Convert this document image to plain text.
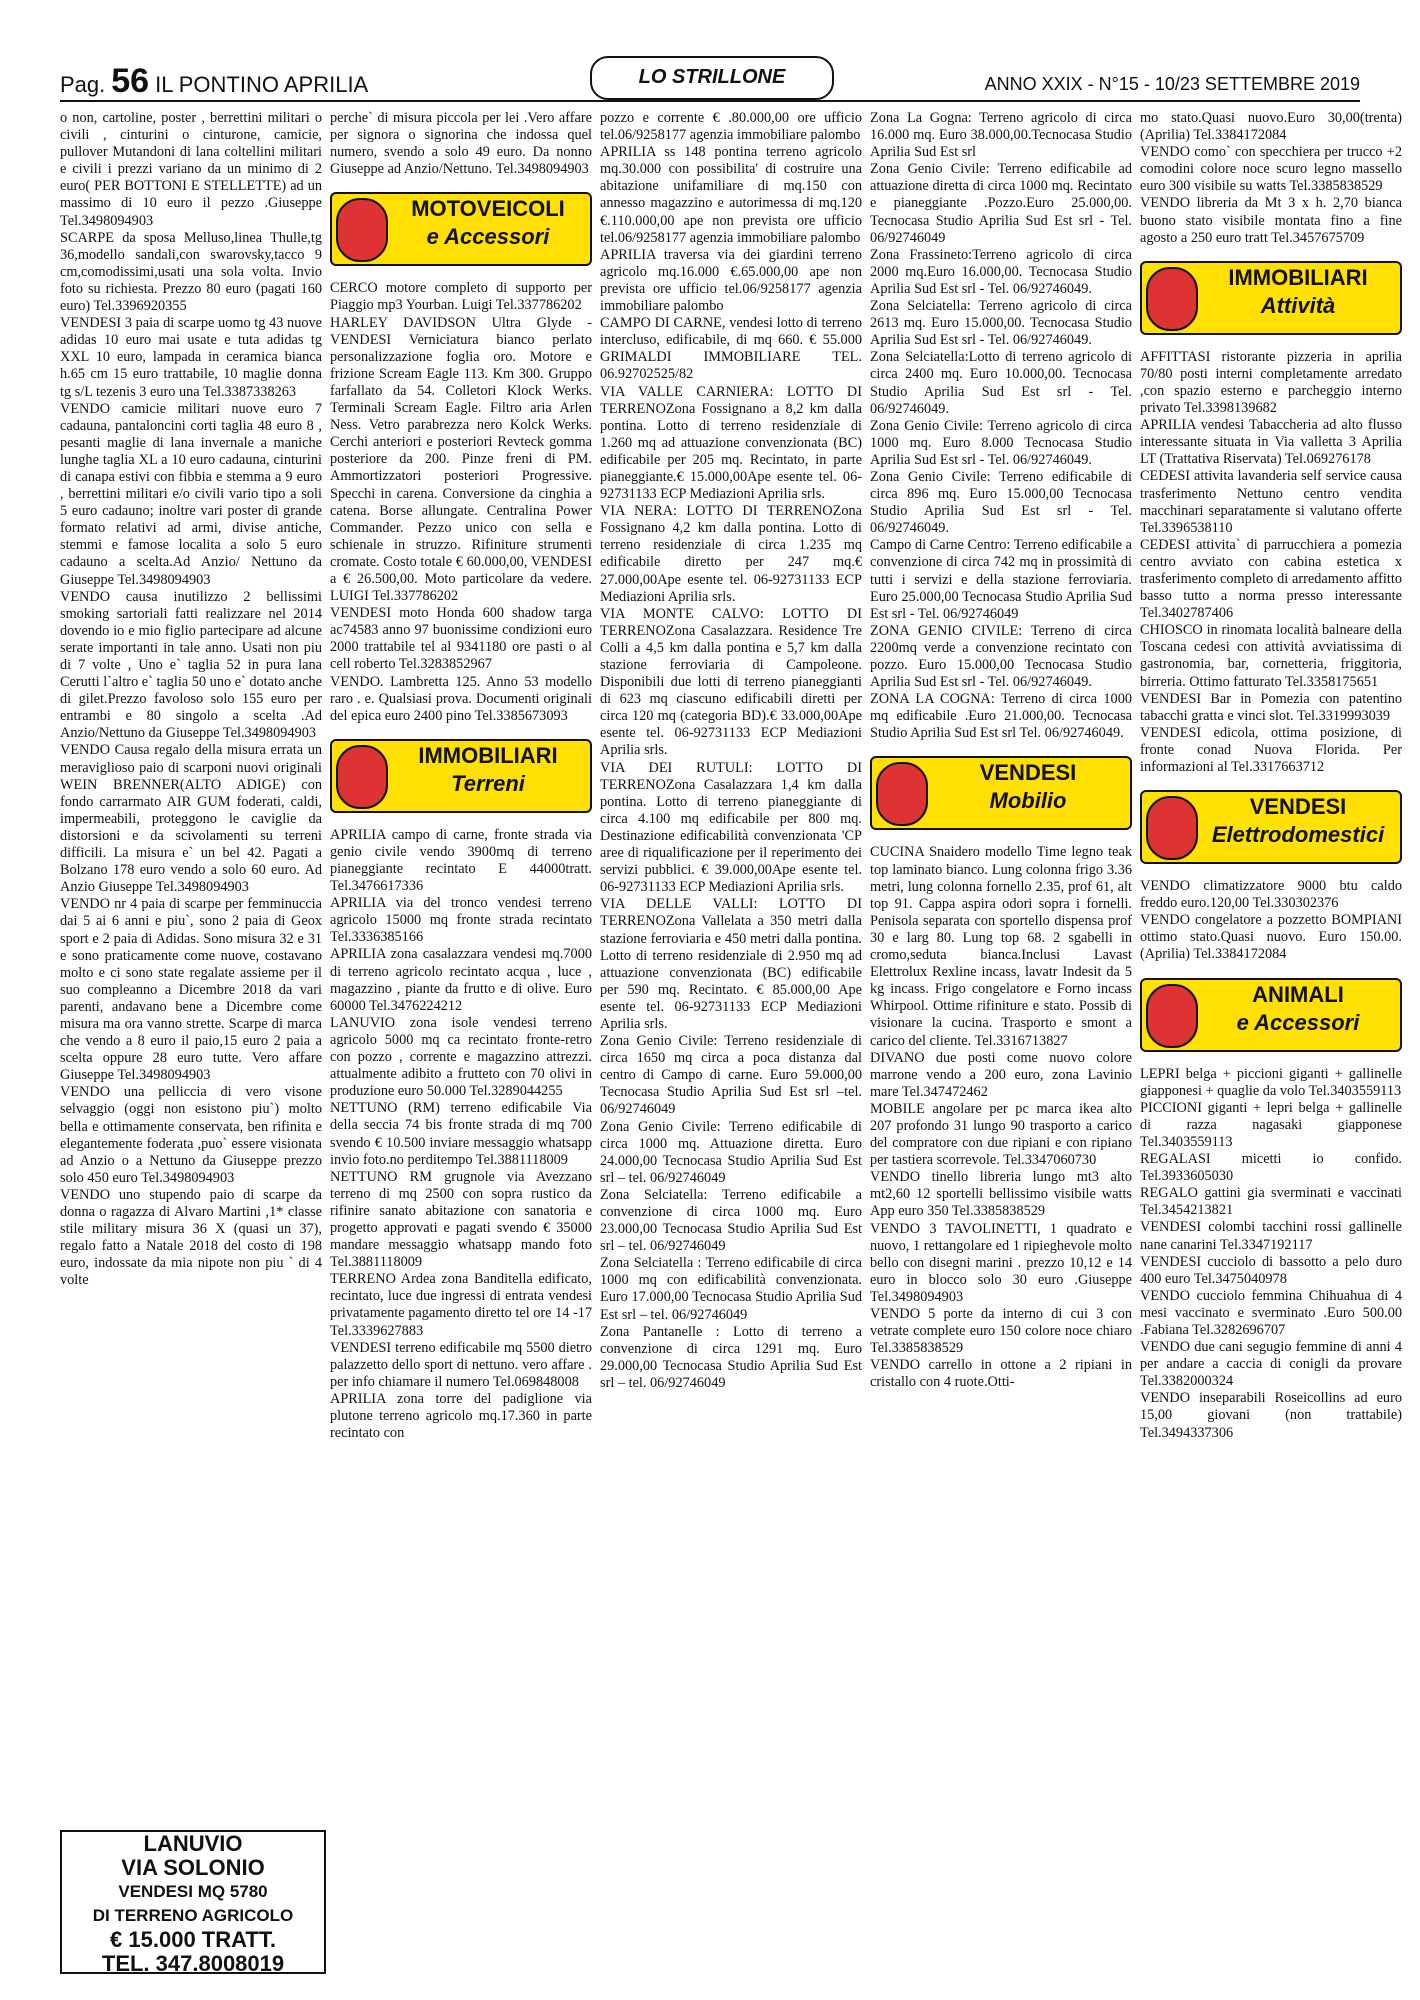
Pag. 56 IL PONTINO APRILIA	LO STRILLONE	ANNO XXIX - N°15 - 10/23 SETTEMBRE 2019

o non, cartoline, poster , berrettini militari o civili , cinturini o cinturone, camicie, pullover Mutandoni di lana coltellini militari e civili i prezzi variano da un minimo di 2 euro( PER BOTTONI E STELLETTE) ad un massimo di 10 euro il pezzo .Giuseppe Tel.3498094903

SCARPE da sposa Melluso,linea Thulle,tg 36,modello sandali,con swarovsky,tacco 9 cm,comodissimi,usati una sola volta. Invio foto su richiesta. Prezzo 80 euro (pagati 160 euro) Tel.3396920355

VENDESI 3 paia di scarpe uomo tg 43 nuove adidas 10 euro mai usate e tuta adidas tg XXL 10 euro, lampada in ceramica bianca h.65 cm 15 euro trattabile, 10 maglie donna tg s/L tezenis 3 euro una Tel.3387338263

VENDO camicie militari nuove euro 7 cadauna, pantaloncini corti taglia 48 euro 8 , pesanti maglie di lana invernale a maniche lunghe taglia XL a 10 euro cadauna, cinturini di canapa estivi con fibbia e stemma a 9 euro , berrettini militari e/o civili vario tipo a soli 5 euro cadauno; inoltre vari poster di grande formato relativi ad armi, divise antiche, stemmi e famose localita a solo 5 euro cadauno a scelta.Ad Anzio/ Nettuno da Giuseppe Tel.3498094903

VENDO causa inutilizzo 2 bellissimi smoking sartoriali fatti realizzare nel 2014 dovendo io e mio figlio partecipare ad alcune serate importanti in tale anno. Usati non piu di 7 volte , Uno e` taglia 52 in pura lana Cerutti l`altro e` taglia 50 uno e` dotato anche di gilet.Prezzo favoloso solo 155 euro per entrambi e 80 singolo a scelta .Ad Anzio/Nettuno da Giuseppe Tel.3498094903

VENDO Causa regalo della misura errata un meraviglioso paio di scarponi nuovi originali WEIN BRENNER(ALTO ADIGE) con fondo carrarmato AIR GUM foderati, caldi, impermeabili, proteggono le caviglie da distorsioni e da scivolamenti su terreni difficili. La misura e` un bel 42. Pagati a Bolzano 178 euro vendo a solo 60 euro. Ad Anzio Giuseppe Tel.3498094903

VENDO nr 4 paia di scarpe per femminuccia dai 5 ai 6 anni e piu`, sono 2 paia di Geox sport e 2 paia di Adidas. Sono misura 32 e 31 e sono praticamente come nuove, costavano molto e ci sono state regalate assieme per il suo compleanno a Dicembre 2018 da vari parenti, andavano bene a Dicembre come misura ma ora vanno strette. Scarpe di marca che vendo a 8 euro il paio,15 euro 2 paia a scelta oppure 28 euro tutte. Vero affare Giuseppe Tel.3498094903

VENDO una pelliccia di vero visone selvaggio (oggi non esistono piu`) molto bella e ottimamente conservata, ben rifinita e elegantemente foderata ,puo` essere visionata ad Anzio o a Nettuno da Giuseppe prezzo solo 450 euro Tel.3498094903

VENDO uno stupendo paio di scarpe da donna o ragazza di Alvaro Martini ,1* classe stile military misura 36 X (quasi un 37), regalo fatto a Natale 2018 del costo di 198 euro, indossate da mia nipote non piu ` di 4 volte

LANUVIO
VIA SOLONIO
VENDESI MQ 5780
DI TERRENO AGRICOLO
€ 15.000 TRATT.
TEL. 347.8008019

perche` di misura piccola per lei .Vero affare per signora o signorina che indossa quel numero, svendo a solo 49 euro. Da nonno Giuseppe ad Anzio/Nettuno. Tel.3498094903

MOTOVEICOLI
e Accessori

CERCO motore completo di supporto per Piaggio mp3 Yourban. Luigi Tel.337786202

HARLEY DAVIDSON Ultra Glyde - VENDESI Verniciatura bianco perlato personalizzazione foglia oro. Motore e frizione Scream Eagle 113. Km 300. Gruppo farfallato da 54. Colletori Klock Werks. Terminali Scream Eagle. Filtro aria Arlen Ness. Vetro parabrezza nero Kolck Werks. Cerchi anteriori e posteriori Revteck gomma posteriore da 200. Pinze freni di PM. Ammortizzatori posteriori Progressive. Specchi in carena. Conversione da cinghia a catena. Borse allungate. Centralina Power Commander. Pezzo unico con sella e schienale in struzzo. Rifiniture strumenti cromate. Costo totale € 60.000,00, VENDESI a € 26.500,00. Moto particolare da vedere. LUIGI Tel.337786202

VENDESI moto Honda 600 shadow targa ac74583 anno 97 buonissime condizioni euro 2000 trattabile tel al 9341180 ore pasti o al cell roberto Tel.3283852967

VENDO. Lambretta 125. Anno 53 modello raro . e. Qualsiasi prova. Documenti originali del epica euro 2400 pino Tel.3385673093

IMMOBILIARI
Terreni

APRILIA campo di carne, fronte strada via genio civile vendo 3900mq di terreno pianeggiante recintato E 44000tratt. Tel.3476617336

APRILIA via del tronco vendesi terreno agricolo 15000 mq fronte strada recintato Tel.3336385166

APRILIA zona casalazzara vendesi mq.7000 di terreno agricolo recintato acqua , luce , magazzino , piante da frutto e di olive. Euro 60000 Tel.3476224212

LANUVIO zona isole vendesi terreno agricolo 5000 mq ca recintato fronte-retro con pozzo , corrente e magazzino attrezzi. attualmente adibito a frutteto con 70 olivi in produzione euro 50.000 Tel.3289044255

NETTUNO (RM) terreno edificabile Via della seccia 74 bis fronte strada di mq 700 svendo € 10.500 inviare messaggio whatsapp invio foto.no perditempo Tel.3881118009

NETTUNO RM grugnole via Avezzano terreno di mq 2500 con sopra rustico da rifinire sanato abitazione con sanatoria e progetto approvati e pagati svendo € 35000 mandare messaggio whatsapp mando foto Tel.3881118009

TERRENO Ardea zona Banditella edificato, recintato, luce due ingressi di entrata vendesi privatamente pagamento diretto tel ore 14 -17 Tel.3339627883

VENDESI terreno edificabile mq 5500 dietro palazzetto dello sport di nettuno. vero affare . per info chiamare il numero Tel.069848008

APRILIA zona torre del padiglione via plutone terreno agricolo mq.17.360 in parte recintato con

pozzo e corrente € .80.000,00 ore ufficio tel.06/9258177 agenzia immobiliare palombo

APRILIA ss 148 pontina terreno agricolo mq.30.000 con possibilita' di costruire una abitazione unifamiliare di mq.150 con annesso magazzino e autorimessa di mq.120 €.110.000,00 ape non prevista ore ufficio tel.06/9258177 agenzia immobiliare palombo

APRILIA traversa via dei giardini terreno agricolo mq.16.000 €.65.000,00 ape non prevista ore ufficio tel.06/9258177 agenzia immobiliare palombo

CAMPO DI CARNE, vendesi lotto di terreno intercluso, edificabile, di mq 660. € 55.000 GRIMALDI IMMOBILIARE TEL. 06.92702525/82

VIA VALLE CARNIERA: LOTTO DI TERRENOZona Fossignano a 8,2 km dalla pontina. Lotto di terreno residenziale di 1.260 mq ad attuazione convenzionata (BC) edificabile per 205 mq. Recintato, in parte pianeggiante.€ 15.000,00Ape esente tel. 06-92731133 ECP Mediazioni Aprilia srls.

VIA NERA: LOTTO DI TERRENOZona Fossignano 4,2 km dalla pontina. Lotto di terreno residenziale di circa 1.235 mq edificabile diretto per 247 mq.€ 27.000,00Ape esente tel. 06-92731133 ECP Mediazioni Aprilia srls.

VIA MONTE CALVO: LOTTO DI TERRENOZona Casalazzara. Residence Tre Colli a 4,5 km dalla pontina e 5,7 km dalla stazione ferroviaria di Campoleone. Disponibili due lotti di terreno pianeggianti di 623 mq ciascuno edificabili diretti per circa 120 mq (categoria BD).€ 33.000,00Ape esente tel. 06-92731133 ECP Mediazioni Aprilia srls.

VIA DEI RUTULI: LOTTO DI TERRENOZona Casalazzara 1,4 km dalla pontina. Lotto di terreno pianeggiante di circa 4.100 mq edificabile per 800 mq. Destinazione edificabilità convenzionata 'CP aree di riqualificazione per il reperimento dei servizi pubblici. € 39.000,00Ape esente tel. 06-92731133 ECP Mediazioni Aprilia srls.

VIA DELLE VALLI: LOTTO DI TERRENOZona Vallelata a 350 metri dalla stazione ferroviaria e 450 metri dalla pontina. Lotto di terreno residenziale di 2.950 mq ad attuazione convenzionata (BC) edificabile per 590 mq. Recintato. € 85.000,00 Ape esente tel. 06-92731133 ECP Mediazioni Aprilia srls.

Zona Genio Civile: Terreno residenziale di circa 1650 mq circa a poca distanza dal centro di Campo di carne. Euro 59.000,00 Tecnocasa Studio Aprilia Sud Est srl –tel. 06/92746049

Zona Genio Civile: Terreno edificabile di circa 1000 mq. Attuazione diretta. Euro 24.000,00 Tecnocasa Studio Aprilia Sud Est srl – tel. 06/92746049

Zona Selciatella: Terreno edificabile a convenzione di circa 1000 mq. Euro 23.000,00 Tecnocasa Studio Aprilia Sud Est srl – tel. 06/92746049

Zona Selciatella : Terreno edificabile di circa 1000 mq con edificabilità convenzionata. Euro 17.000,00 Tecnocasa Studio Aprilia Sud Est srl – tel. 06/92746049

Zona Pantanelle : Lotto di terreno a convenzione di circa 1291 mq. Euro 29.000,00 Tecnocasa Studio Aprilia Sud Est srl – tel. 06/92746049

Zona La Gogna: Terreno agricolo di circa 16.000 mq. Euro 38.000,00.Tecnocasa Studio Aprilia Sud Est srl

Zona Genio Civile: Terreno edificabile ad attuazione diretta di circa 1000 mq. Recintato e pianeggiante .Pozzo.Euro 25.000,00. Tecnocasa Studio Aprilia Sud Est srl - Tel. 06/92746049

Zona Frassineto:Terreno agricolo di circa 2000 mq.Euro 16.000,00. Tecnocasa Studio Aprilia Sud Est srl - Tel. 06/92746049.

Zona Selciatella: Terreno agricolo di circa 2613 mq. Euro 15.000,00. Tecnocasa Studio Aprilia Sud Est srl - Tel. 06/92746049.

Zona Selciatella:Lotto di terreno agricolo di circa 2400 mq. Euro 10.000,00. Tecnocasa Studio Aprilia Sud Est srl - Tel. 06/92746049.

Zona Genio Civile: Terreno agricolo di circa 1000 mq. Euro 8.000 Tecnocasa Studio Aprilia Sud Est srl - Tel. 06/92746049.

Zona Genio Civile: Terreno edificabile di circa 896 mq. Euro 15.000,00 Tecnocasa Studio Aprilia Sud Est srl - Tel. 06/92746049.

Campo di Carne Centro: Terreno edificabile a convenzione di circa 742 mq in prossimità di tutti i servizi e della stazione ferroviaria. Euro 25.000,00 Tecnocasa Studio Aprilia Sud Est srl - Tel. 06/92746049

ZONA GENIO CIVILE: Terreno di circa 2200mq verde a convenzione recintato con pozzo. Euro 15.000,00 Tecnocasa Studio Aprilia Sud Est srl - Tel. 06/92746049.

ZONA LA COGNA: Terreno di circa 1000 mq edificabile .Euro 21.000,00. Tecnocasa Studio Aprilia Sud Est srl Tel. 06/92746049.

VENDESI
Mobilio

CUCINA Snaidero modello Time legno teak top laminato bianco. Lung colonna frigo 3.36 metri, lung colonna fornello 2.35, prof 61, alt top 91. Cappa aspira odori sopra i fornelli. Penisola separata con sportello dispensa prof 30 e larg 80. Lung top 68. 2 sgabelli in cromo,seduta bianca.Inclusi Lavast Elettrolux Rexline incass, lavatr Indesit da 5 kg incass. Frigo congelatore e Forno incass Whirpool. Ottime rifiniture e stato. Possib di visionare la cucina. Trasporto e smont a carico del cliente. Tel.3316713827

DIVANO due posti come nuovo colore marrone vendo a 200 euro, zona Lavinio mare Tel.347472462

MOBILE angolare per pc marca ikea alto 207 profondo 31 lungo 90 trasporto a carico del compratore con due ripiani e con ripiano per tastiera scorrevole. Tel.3347060730

VENDO tinello libreria lungo mt3 alto mt2,60 12 sportelli bellissimo visibile watts App euro 350 Tel.3385838529

VENDO 3 TAVOLINETTI, 1 quadrato e nuovo, 1 rettangolare ed 1 ripieghevole molto bello con disegni marini . prezzo 10,12 e 14 euro in blocco solo 30 euro .Giuseppe Tel.3498094903

VENDO 5 porte da interno di cui 3 con vetrate complete euro 150 colore noce chiaro Tel.3385838529

VENDO carrello in ottone a 2 ripiani in cristallo con 4 ruote.Otti-

mo stato.Quasi nuovo.Euro 30,00(trenta)(Aprilia) Tel.3384172084

VENDO como` con specchiera per trucco +2 comodini colore noce scuro legno massello euro 300 visibile su watts Tel.3385838529

VENDO libreria da Mt 3 x h. 2,70 bianca buono stato visibile montata fino a fine agosto a 250 euro tratt Tel.3457675709

IMMOBILIARI
Attività

AFFITTASI ristorante pizzeria in aprilia 70/80 posti interni completamente arredato ,con spazio esterno e parcheggio interno privato Tel.3398139682

APRILIA vendesi Tabaccheria ad alto flusso interessante situata in Via valletta 3 Aprilia LT (Trattativa Riservata) Tel.069276178

CEDESI attivita lavanderia self service causa trasferimento Nettuno centro vendita macchinari separatamente si valutano offerte Tel.3396538110

CEDESI attivita` di parrucchiera a pomezia centro avviato con cabina estetica x trasferimento completo di arredamento affitto basso tutto a norma presso interessante Tel.3402787406

CHIOSCO in rinomata località balneare della Toscana cedesi con attività avviatissima di gastronomia, bar, cornetteria, friggitoria, birreria. Ottimo fatturato Tel.3358175651

VENDESI Bar in Pomezia con patentino tabacchi gratta e vinci slot. Tel.3319993039

VENDESI edicola, ottima posizione, di fronte conad Nuova Florida. Per informazioni al Tel.3317663712

VENDESI
Elettrodomestici

VENDO climatizzatore 9000 btu caldo freddo euro.120,00 Tel.330302376

VENDO congelatore a pozzetto BOMPIANI ottimo stato.Quasi nuovo. Euro 150.00. (Aprilia) Tel.3384172084

ANIMALI
e Accessori

LEPRI belga + piccioni giganti + gallinelle giapponesi + quaglie da volo Tel.3403559113

PICCIONI giganti + lepri belga + gallinelle di razza nagasaki giapponese Tel.3403559113

REGALASI micetti io confido. Tel.3933605030

REGALO gattini gia sverminati e vaccinati Tel.3454213821

VENDESI colombi tacchini rossi gallinelle nane canarini Tel.3347192117

VENDESI cucciolo di bassotto a pelo duro 400 euro Tel.3475040978

VENDO cucciolo femmina Chihuahua di 4 mesi vaccinato e sverminato .Euro 500.00 .Fabiana Tel.3282696707

VENDO due cani segugio femmine di anni 4 per andare a caccia di conigli da provare Tel.3382000324

VENDO inseparabili Roseicollins ad euro 15,00 giovani (non trattabile) Tel.3494337306
